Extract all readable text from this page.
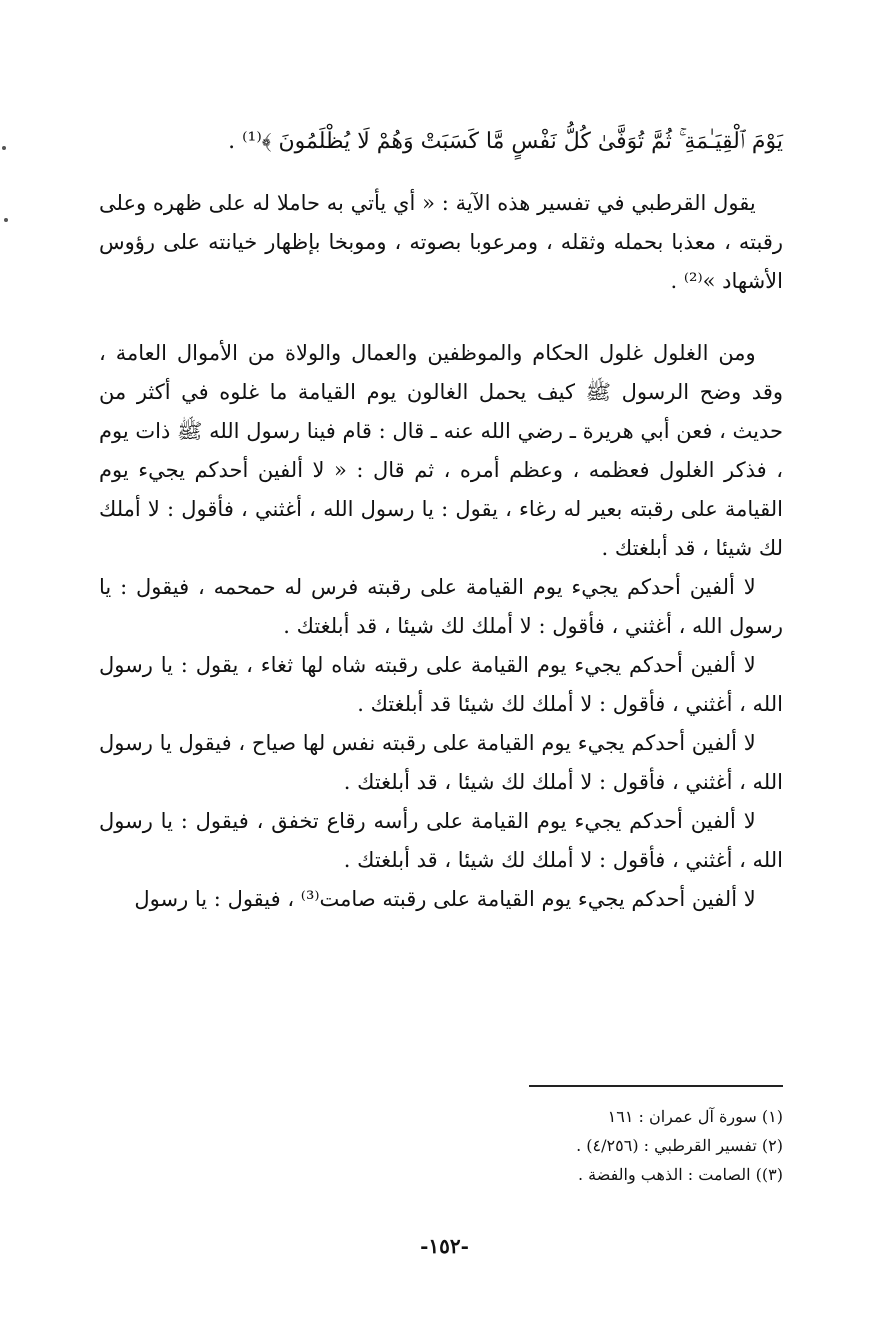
يَوْمَ ٱلْقِيَـٰمَةِ ۚ ثُمَّ تُوَفَّىٰ كُلُّ نَفْسٍ مَّا كَسَبَتْ وَهُمْ لَا يُظْلَمُونَ ﴾⁽¹⁾ .

يقول القرطبي في تفسير هذه الآية : « أي يأتي به حاملا له على ظهره وعلى رقبته ، معذبا بحمله وثقله ، ومرعوبا بصوته ، وموبخا بإظهار خيانته على رؤوس الأشهاد »⁽²⁾ .

ومن الغلول غلول الحكام والموظفين والعمال والولاة من الأموال العامة ، وقد وضح الرسول ﷺ كيف يحمل الغالون يوم القيامة ما غلوه في أكثر من حديث ، فعن أبي هريرة ـ رضي الله عنه ـ قال : قام فينا رسول الله ﷺ ذات يوم ، فذكر الغلول فعظمه ، وعظم أمره ، ثم قال : « لا ألفين أحدكم يجيء يوم القيامة على رقبته بعير له رغاء ، يقول : يا رسول الله ، أغثني ، فأقول : لا أملك لك شيئا ، قد أبلغتك .

لا ألفين أحدكم يجيء يوم القيامة على رقبته فرس له حمحمه ، فيقول : يا رسول الله ، أغثني ، فأقول : لا أملك لك شيئا ، قد أبلغتك .

لا ألفين أحدكم يجيء يوم القيامة على رقبته شاه لها ثغاء ، يقول : يا رسول الله ، أغثني ، فأقول : لا أملك لك شيئا قد أبلغتك .

لا ألفين أحدكم يجيء يوم القيامة على رقبته نفس لها صياح ، فيقول يا رسول الله ، أغثني ، فأقول : لا أملك لك شيئا ، قد أبلغتك .

لا ألفين أحدكم يجيء يوم القيامة على رأسه رقاع تخفق ، فيقول : يا رسول الله ، أغثني ، فأقول : لا أملك لك شيئا ، قد أبلغتك .

لا ألفين أحدكم يجيء يوم القيامة على رقبته صامت⁽³⁾ ، فيقول : يا رسول

(١) سورة آل عمران : ١٦١

(٢) تفسير القرطبي : (٤/٢٥٦) .

(٣)) الصامت : الذهب والفضة .

-١٥٢-
